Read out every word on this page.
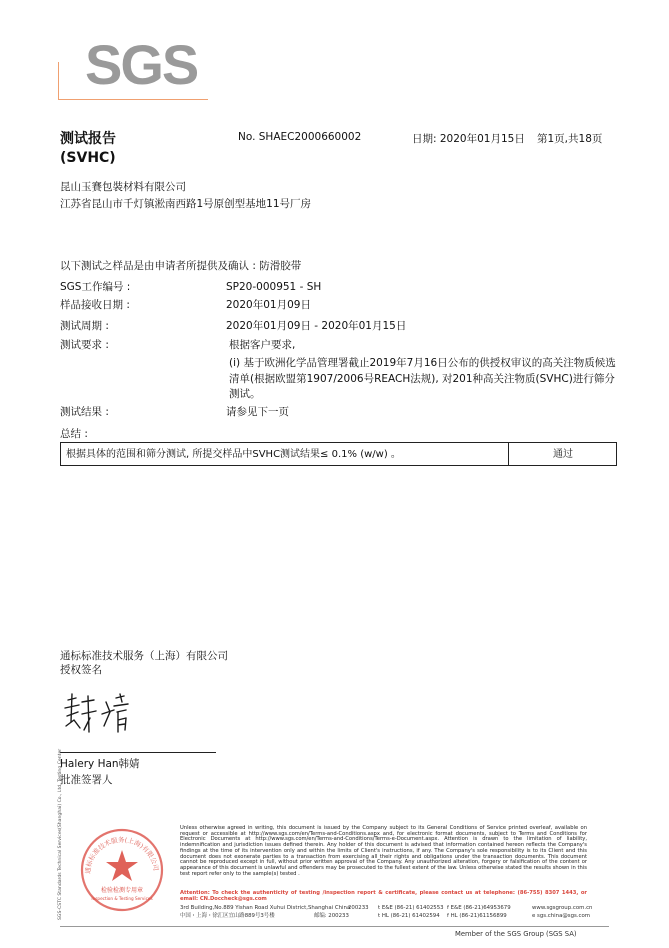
SGS
测试报告
(SVHC)
No. SHAEC2000660002	日期: 2020年01月15日 第1页,共18页
昆山玉賽包裝材料有限公司
江苏省昆山市千灯镇淞南西路1号原创型基地11号厂房
以下测试之样品是由申请者所提供及确认 : 防滑胶带
SGS工作编号 :	SP20-000951 - SH
样品接收日期 :	2020年01月09日
测试周期 :	2020年01月09日 - 2020年01月15日
测试要求 :	根据客户要求,
(i) 基于欧洲化学品管理署截止2019年7月16日公布的供授权审议的高关注物质候选
清单(根据欧盟第1907/2006号REACH法规), 对201种高关注物质(SVHC)进行筛分
测试。
测试结果 :	请参见下一页
总结 :
根据具体的范围和筛分测试, 所提交样品中SVHC测试结果≤ 0.1% (w/w) 。	通过
通标标准技术服务（上海）有限公司
授权签名
Halery Han韩婧
批准签署人
SGS-CSTC Standards Technical Services(Shanghai) Co., Ltd. Testing Center	通标标准技术服务(上海)有限公司
检验检测专用章
Inspection & Testing Services
Unless otherwise agreed in writing, this document is issued by the Company subject to its General Conditions of Service printed overleaf, available on request or accessible at http://www.sgs.com/en/Terms-and-Conditions.aspx and, for electronic format documents, subject to Terms and Conditions for Electronic Documents at http://www.sgs.com/en/Terms-and-Conditions/Terms-e-Document.aspx. Attention is drawn to the limitation of liability, indemnification and jurisdiction issues defined therein. Any holder of this document is advised that information contained hereon reflects the Company's findings at the time of its intervention only and within the limits of Client's instructions, if any. The Company's sole responsibility is to its Client and this document does not exonerate parties to a transaction from exercising all their rights and obligations under the transaction documents. This document cannot be reproduced except in full, without prior written approval of the Company. Any unauthorized alteration, forgery or falsification of the content or appearance of this document is unlawful and offenders may be prosecuted to the fullest extent of the law. Unless otherwise stated the results shown in this test report refer only to the sample(s) tested .
Attention: To check the authenticity of testing /inspection report & certificate, please contact us at telephone: (86-755) 8307 1443, or email: CN.Doccheck@sgs.com
3rd Building,No.889 Yishan Road Xuhui District,Shanghai China
200233 t E&E (86-21) 61402553 f E&E (86-21)64953679	www.sgsgroup.com.cn
中国・上海・徐汇区宜山路889号3号楼	邮编: 200233	t HL (86-21) 61402594 f HL (86-21)61156899	e sgs.china@sgs.com
Member of the SGS Group (SGS SA)
